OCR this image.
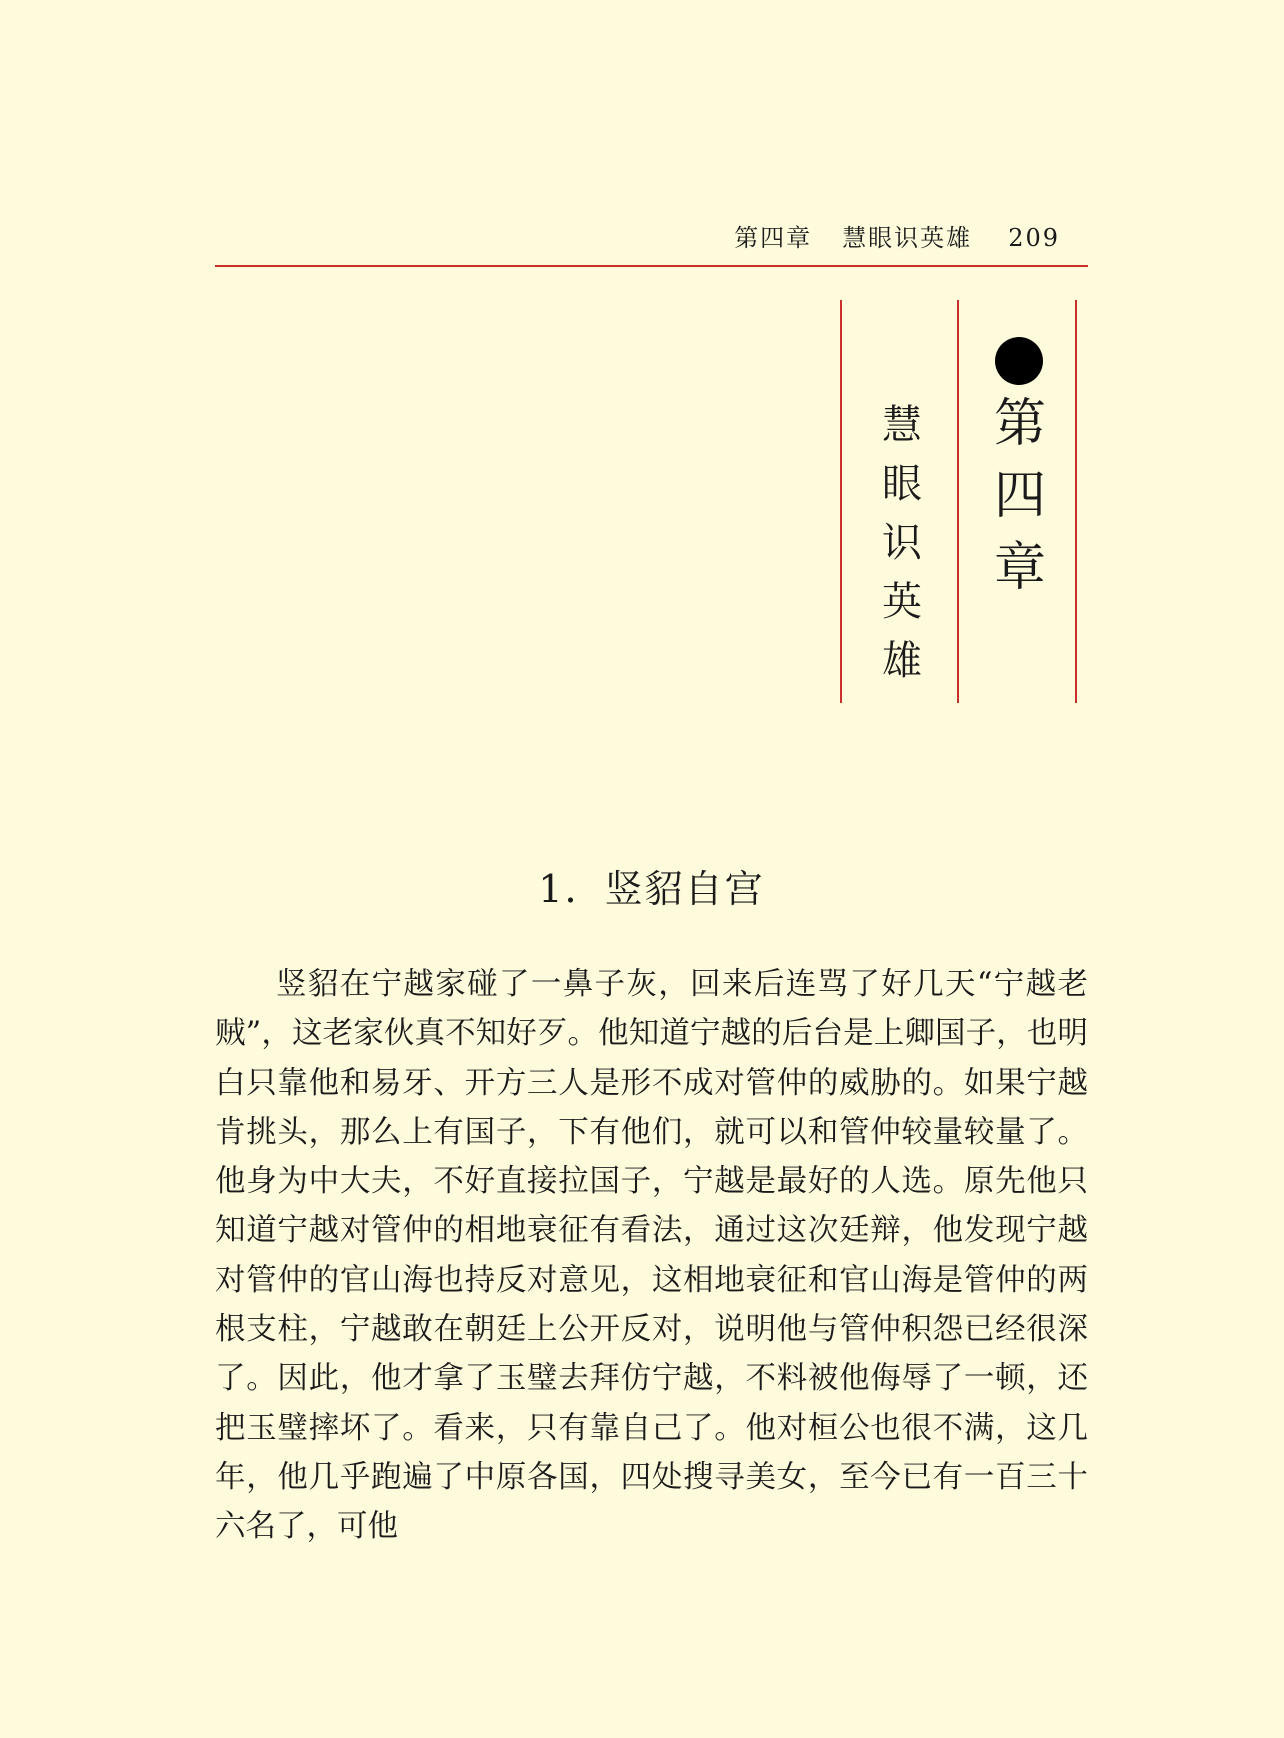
第四章 慧眼识英雄 209
第
四
章
慧
眼
识
英
雄
1．竖貂自宫

竖貂在宁越家碰了一鼻子灰，回来后连骂了好几天“宁越老贼”，这老家伙真不知好歹。他知道宁越的后台是上卿国子，也明白只靠他和易牙、开方三人是形不成对管仲的威胁的。如果宁越肯挑头，那么上有国子，下有他们，就可以和管仲较量较量了。他身为中大夫，不好直接拉国子，宁越是最好的人选。原先他只知道宁越对管仲的相地衰征有看法，通过这次廷辩，他发现宁越对管仲的官山海也持反对意见，这相地衰征和官山海是管仲的两根支柱，宁越敢在朝廷上公开反对，说明他与管仲积怨已经很深了。因此，他才拿了玉璧去拜仿宁越，不料被他侮辱了一顿，还把玉璧摔坏了。看来，只有靠自己了。他对桓公也很不满，这几年，他几乎跑遍了中原各国，四处搜寻美女，至今已有一百三十六名了，可他
